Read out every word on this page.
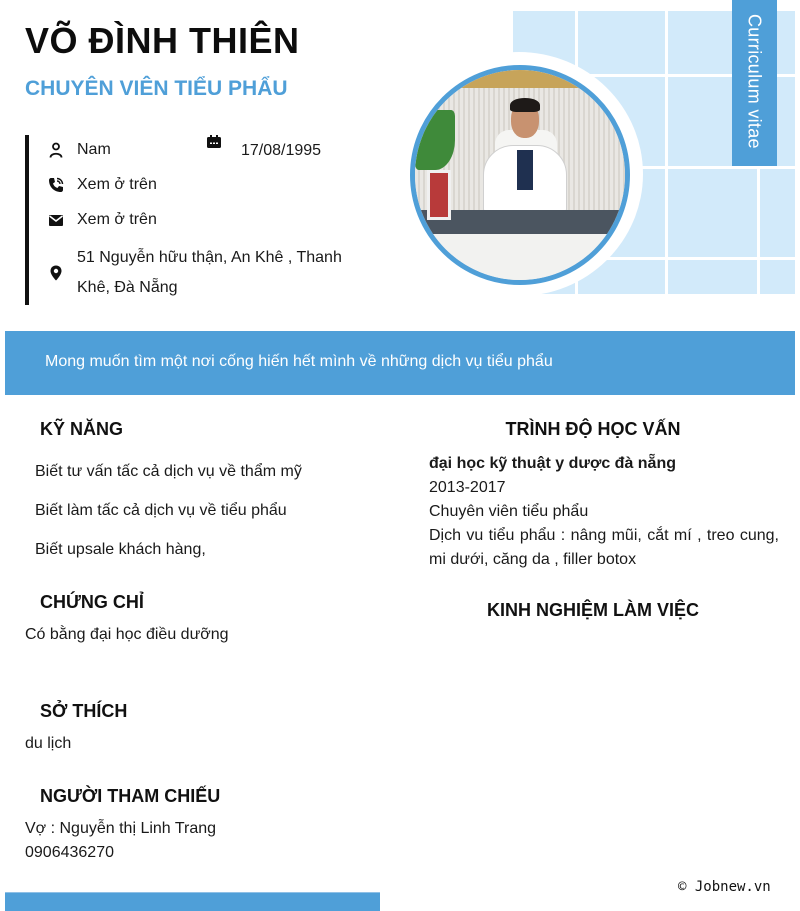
VÕ ĐÌNH THIÊN
CHUYÊN VIÊN TIỂU PHẨU	Curriculum vitae
Nam	17/08/1995
Xem ở trên
Xem ở trên
51 Nguyễn hữu thận, An Khê , Thanh Khê, Đà Nẵng
Mong muốn tìm một nơi cống hiến hết mình về những dịch vụ tiểu phẩu
KỸ NĂNG
Biết tư vấn tấc cả dịch vụ về thẩm mỹ
Biết làm tấc cả dịch vụ về tiểu phẩu
Biết upsale khách hàng,
CHỨNG CHỈ
Có bằng đại học điều dưỡng
SỞ THÍCH
du lịch
NGƯỜI THAM CHIẾU
Vợ : Nguyễn thị Linh Trang
0906436270
TRÌNH ĐỘ HỌC VẤN
đại học kỹ thuật y dược đà nẵng
2013-2017
Chuyên viên tiểu phẩu
Dịch vu tiểu phẩu : nâng mũi, cắt mí , treo cung, mi dưới, căng da , filler botox
KINH NGHIỆM LÀM VIỆC
© Jobnew.vn
